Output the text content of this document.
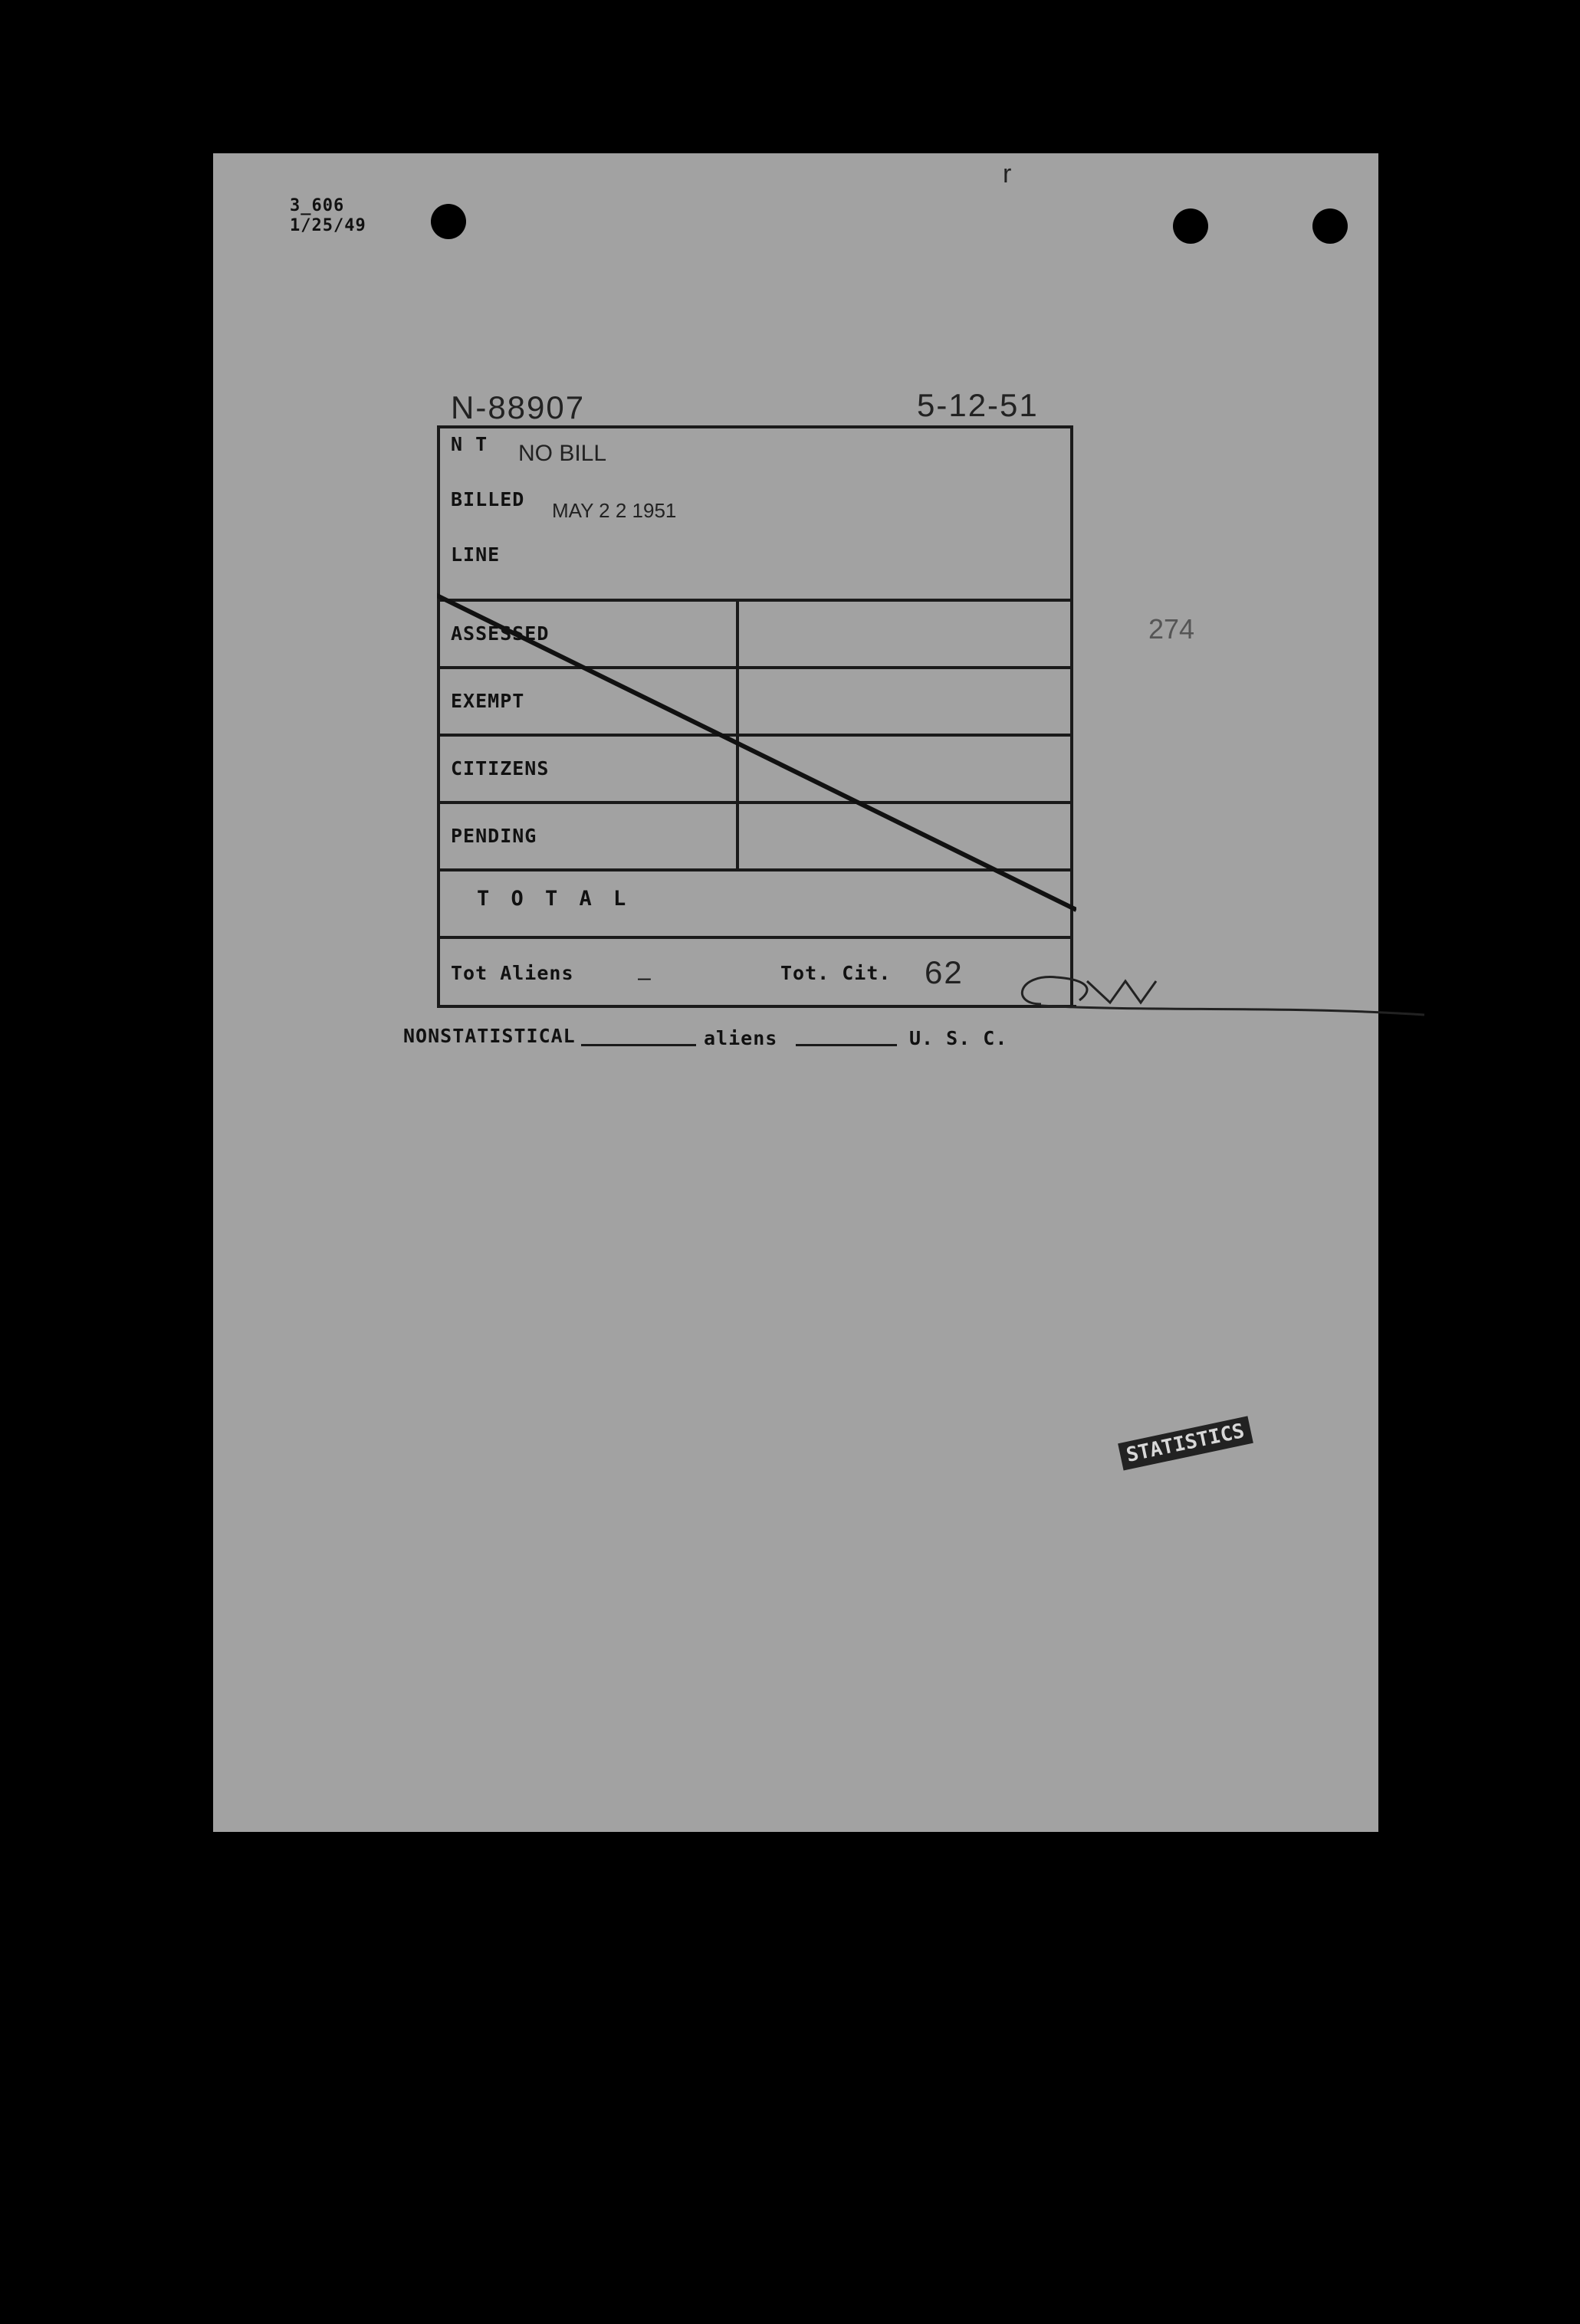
3_606
1/25/49
r
N-88907	5-12-51
274
N T NO BILL
BILLED MAY 2 2 1951
LINE
ASSESSED
EXEMPT
CITIZENS
PENDING
T O T A L
Tot Aliens	—	Tot. Cit. 62
NONSTATISTICAL	aliens	U. S. C.
STATISTICS
